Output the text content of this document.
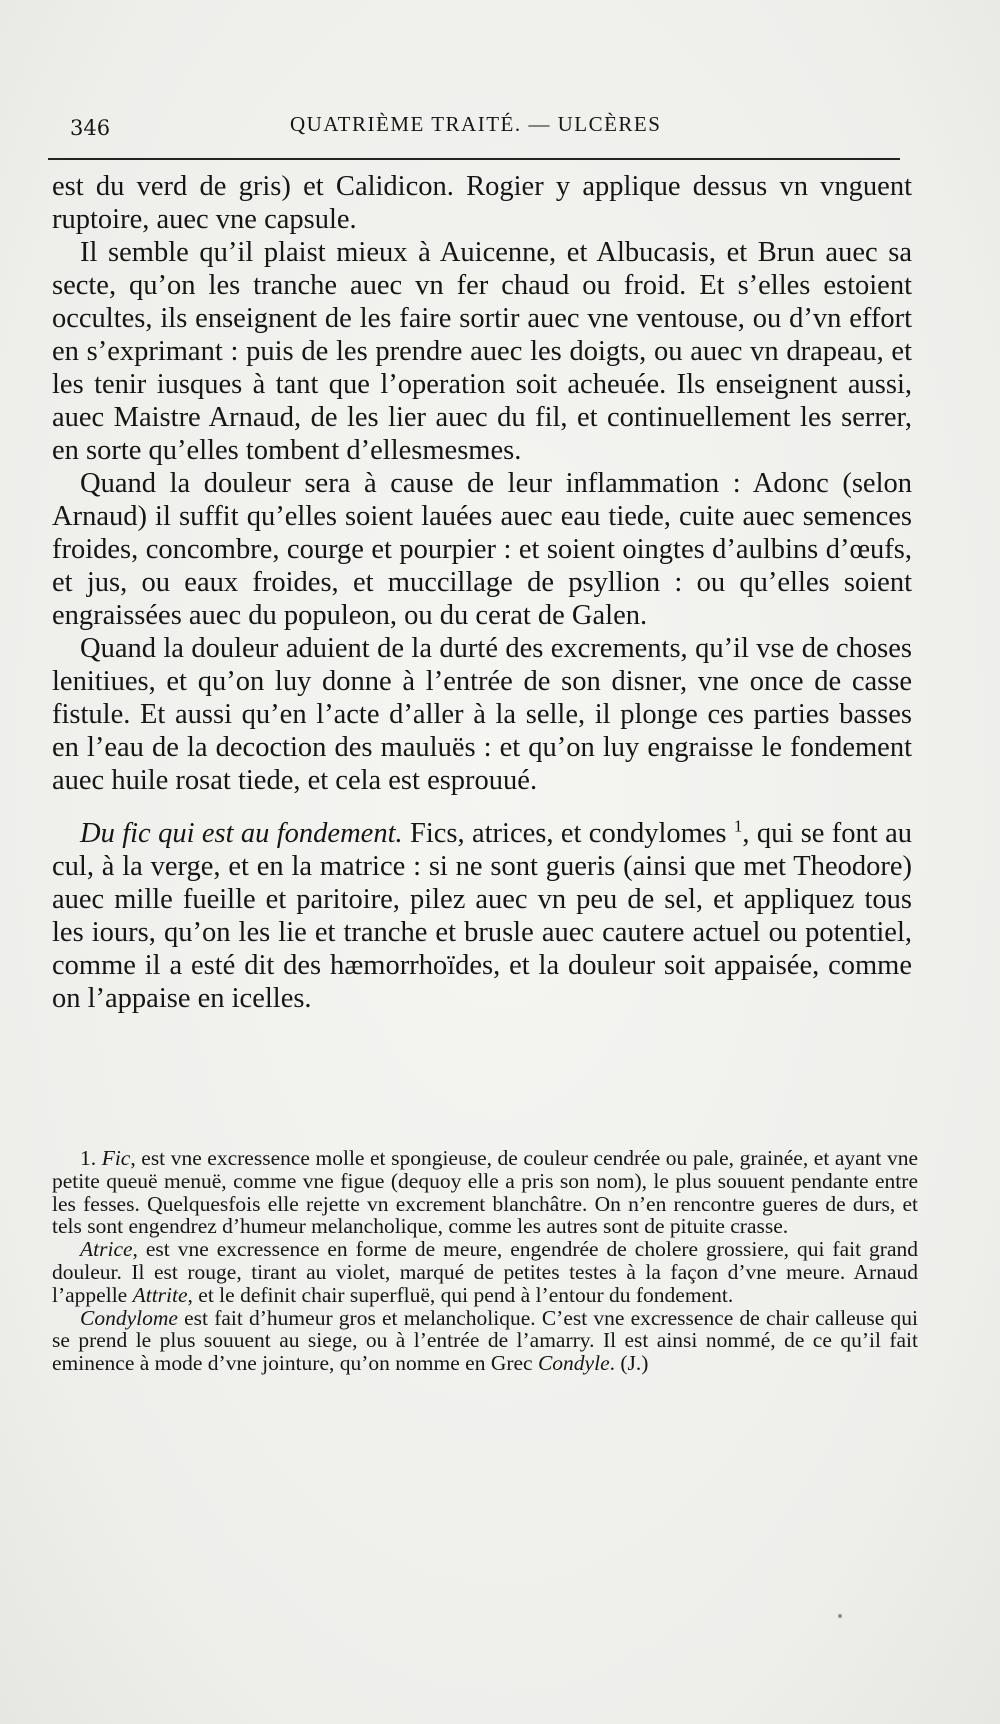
346	QUATRIÈME TRAITÉ. — ULCÈRES

est du verd de gris) et Calidicon. Rogier y applique dessus vn vnguent ruptoire, auec vne capsule.

Il semble qu’il plaist mieux à Auicenne, et Albucasis, et Brun auec sa secte, qu’on les tranche auec vn fer chaud ou froid. Et s’elles estoient occultes, ils enseignent de les faire sortir auec vne ventouse, ou d’vn effort en s’exprimant : puis de les prendre auec les doigts, ou auec vn drapeau, et les tenir iusques à tant que l’operation soit acheuée. Ils enseignent aussi, auec Maistre Arnaud, de les lier auec du fil, et continuellement les serrer, en sorte qu’elles tombent d’ellesmesmes.

Quand la douleur sera à cause de leur inflammation : Adonc (selon Arnaud) il suffit qu’elles soient lauées auec eau tiede, cuite auec semences froides, concombre, courge et pourpier : et soient oingtes d’aulbins d’œufs, et jus, ou eaux froides, et muccillage de psyllion : ou qu’elles soient engraissées auec du populeon, ou du cerat de Galen.

Quand la douleur aduient de la durté des excrements, qu’il vse de choses lenitiues, et qu’on luy donne à l’entrée de son disner, vne once de casse fistule. Et aussi qu’en l’acte d’aller à la selle, il plonge ces parties basses en l’eau de la decoction des mauluës : et qu’on luy engraisse le fondement auec huile rosat tiede, et cela est esprouué.

Du fic qui est au fondement. Fics, atrices, et condylomes $^1$, qui se font au cul, à la verge, et en la matrice : si ne sont gueris (ainsi que met Theodore) auec mille fueille et paritoire, pilez auec vn peu de sel, et appliquez tous les iours, qu’on les lie et tranche et brusle auec cautere actuel ou potentiel, comme il a esté dit des hæmorrhoïdes, et la douleur soit appaisée, comme on l’appaise en icelles.

1. Fic, est vne excressence molle et spongieuse, de couleur cendrée ou pale, grainée, et ayant vne petite queuë menuë, comme vne figue (dequoy elle a pris son nom), le plus souuent pendante entre les fesses. Quelquesfois elle rejette vn excrement blanchâtre. On n’en rencontre gueres de durs, et tels sont engendrez d’humeur melancholique, comme les autres sont de pituite crasse.

Atrice, est vne excressence en forme de meure, engendrée de cholere grossiere, qui fait grand douleur. Il est rouge, tirant au violet, marqué de petites testes à la façon d’vne meure. Arnaud l’appelle Attrite, et le definit chair superfluë, qui pend à l’entour du fondement.

Condylome est fait d’humeur gros et melancholique. C’est vne excressence de chair calleuse qui se prend le plus souuent au siege, ou à l’entrée de l’amarry. Il est ainsi nommé, de ce qu’il fait eminence à mode d’vne jointure, qu’on nomme en Grec Condyle. (J.)
